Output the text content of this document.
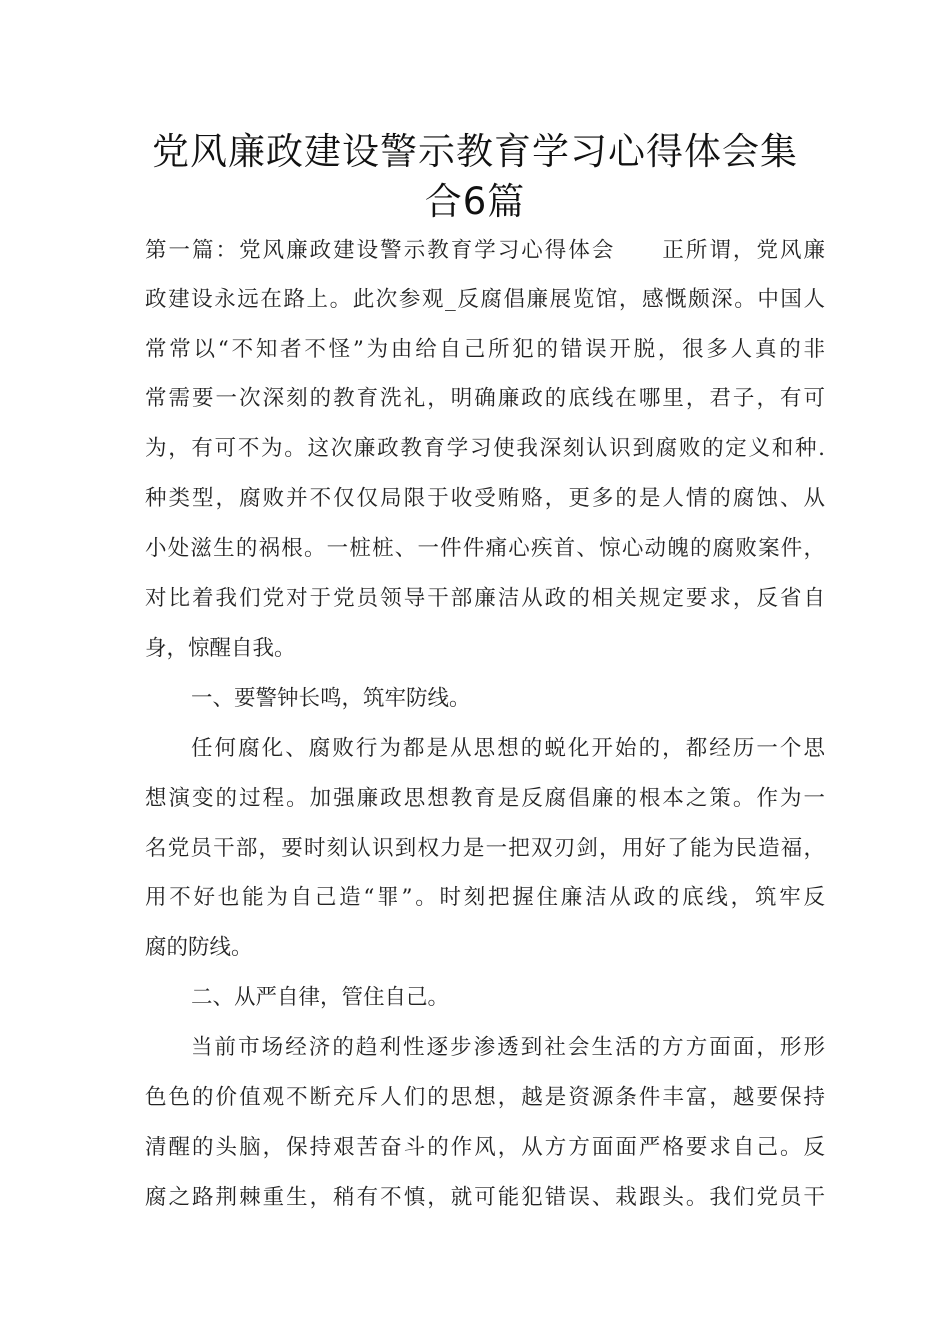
党风廉政建设警示教育学习心得体会集
合6篇
第一篇：党风廉政建设警示教育学习心得体会　　正所谓，党风廉
政建设永远在路上。此次参观_反腐倡廉展览馆，感慨颇深。中国人
常常以“不知者不怪”为由给自己所犯的错误开脱，很多人真的非
常需要一次深刻的教育洗礼，明确廉政的底线在哪里，君子，有可
为，有可不为。这次廉政教育学习使我深刻认识到腐败的定义和种.
种类型，腐败并不仅仅局限于收受贿赂，更多的是人情的腐蚀、从
小处滋生的祸根。一桩桩、一件件痛心疾首、惊心动魄的腐败案件，
对比着我们党对于党员领导干部廉洁从政的相关规定要求，反省自
身，惊醒自我。
一、要警钟长鸣，筑牢防线。
任何腐化、腐败行为都是从思想的蜕化开始的，都经历一个思
想演变的过程。加强廉政思想教育是反腐倡廉的根本之策。作为一
名党员干部，要时刻认识到权力是一把双刃剑，用好了能为民造福，
用不好也能为自己造“罪”。时刻把握住廉洁从政的底线，筑牢反
腐的防线。
二、从严自律，管住自己。
当前市场经济的趋利性逐步渗透到社会生活的方方面面，形形
色色的价值观不断充斥人们的思想，越是资源条件丰富，越要保持
清醒的头脑，保持艰苦奋斗的作风，从方方面面严格要求自己。反
腐之路荆棘重生，稍有不慎，就可能犯错误、栽跟头。我们党员干
